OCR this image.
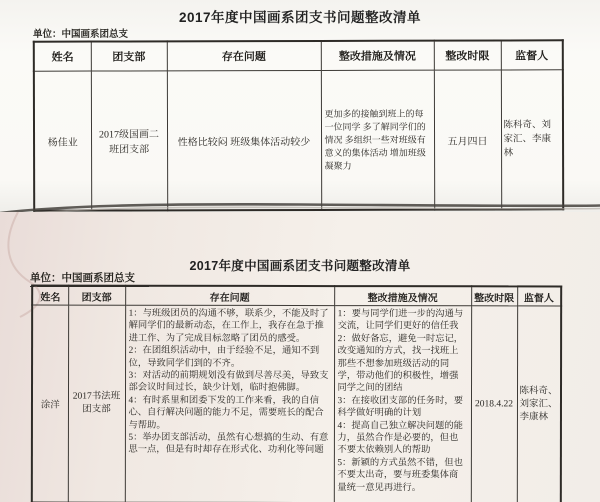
2017年度中国画系团支书问题整改清单
单位：中国画系团总支
姓名	团支部	存在问题	整改措施及情况	整改时限	监督人
杨佳业	2017级国画二班团支部	性格比较闷 班级集体活动较少	更加多的接触到班上的每一位同学 多了解同学们的情况 多组织一些对班级有意义的集体活动 增加班级凝聚力	五月四日	陈科奇、刘家汇、李康林
2017年度中国画系团支书问题整改清单
单位：中国画系团总支
姓名	团支部	存在问题	整改措施及情况	整改时限	监督人
涂洋	2017书法班团支部	1：与班级团员的沟通不够，联系少，不能及时了解同学们的最新动态，在工作上，我存在急于推进工作、为了完成目标忽略了团员的感受。
2：在团组织活动中，由于经验不足，通知不到位，导致同学们到的不齐。
3：对活动的前期规划没有做到尽善尽美，导致支部会议时间过长，缺少计划，临时抱佛脚。
4：有时系里和团委下发的工作来看，我的自信心、自行解决问题的能力不足，需要班长的配合与帮助。
5：举办团支部活动，虽然有心想搞的生动、有意思一点，但是有时却存在形式化、功利化等问题	1：要与同学们进一步的沟通与交流，让同学们更好的信任我
2：做好备忘，避免一时忘记，改变通知的方式，找一找班上那些不想参加班级活动的同学，带动他们的积极性，增强同学之间的团结
3：在接收团支部的任务时，要科学做好明确的计划
4：提高自己独立解决问题的能力，虽然合作是必要的，但也不要太依赖别人的帮助
5：新颖的方式虽然不错，但也不要太出奇，要与班委集体商量统一意见再进行。	2018.4.22	陈科奇、刘家汇、李康林
